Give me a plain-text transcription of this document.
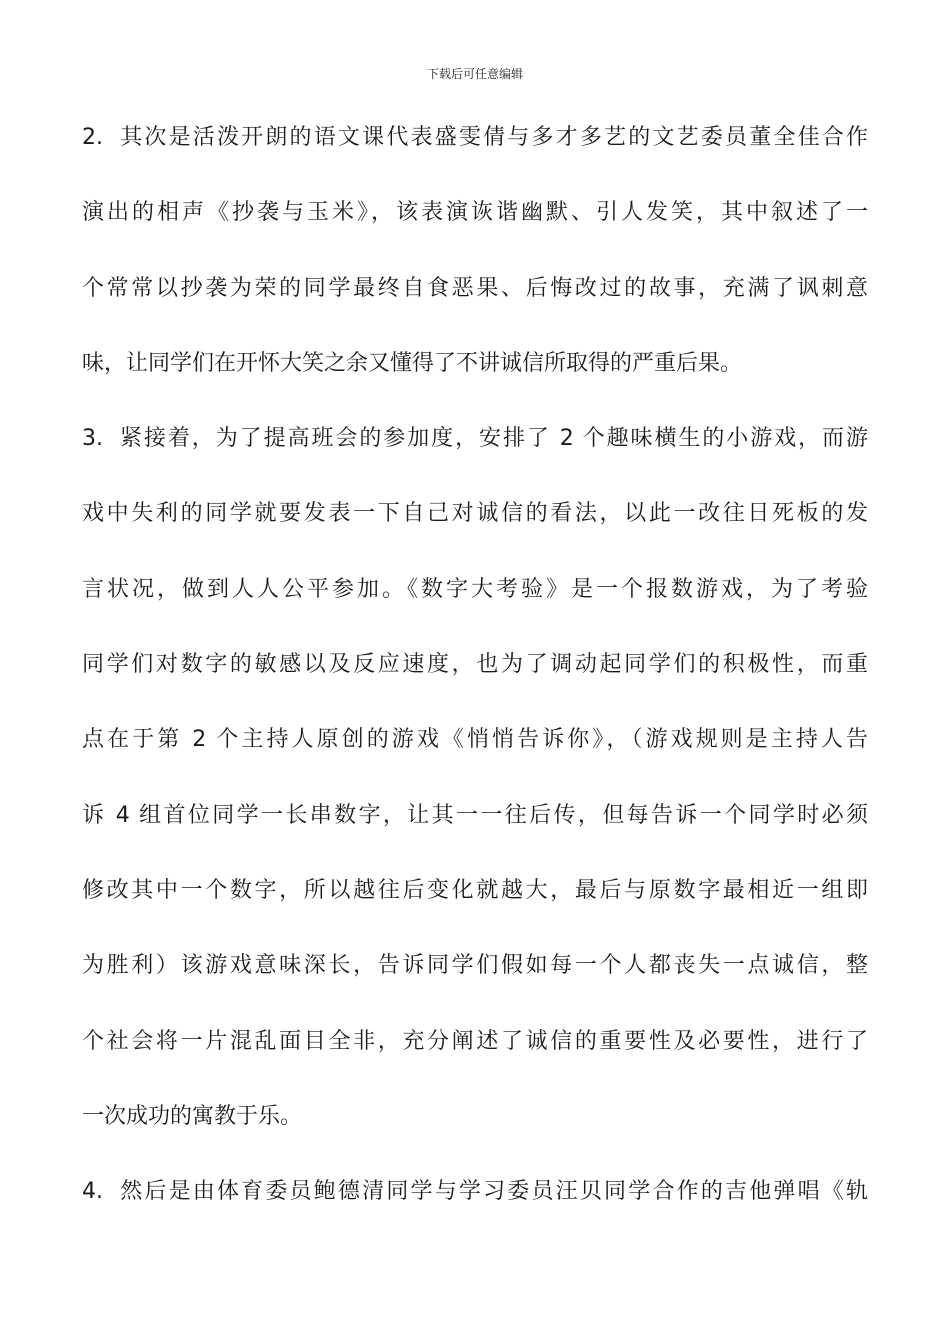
下载后可任意编辑
2. 其次是活泼开朗的语文课代表盛雯倩与多才多艺的文艺委员董全佳合作
演出的相声《抄袭与玉米》，该表演诙谐幽默、引人发笑，其中叙述了一
个常常以抄袭为荣的同学最终自食恶果、后悔改过的故事，充满了讽刺意
味，让同学们在开怀大笑之余又懂得了不讲诚信所取得的严重后果。
3. 紧接着，为了提高班会的参加度，安排了 2 个趣味横生的小游戏，而游
戏中失利的同学就要发表一下自己对诚信的看法，以此一改往日死板的发
言状况，做到人人公平参加。《数字大考验》是一个报数游戏，为了考验
同学们对数字的敏感以及反应速度，也为了调动起同学们的积极性，而重
点在于第 2 个主持人原创的游戏《悄悄告诉你》，（游戏规则是主持人告
诉 4 组首位同学一长串数字，让其一一往后传，但每告诉一个同学时必须
修改其中一个数字，所以越往后变化就越大，最后与原数字最相近一组即
为胜利）该游戏意味深长，告诉同学们假如每一个人都丧失一点诚信，整
个社会将一片混乱面目全非，充分阐述了诚信的重要性及必要性，进行了
一次成功的寓教于乐。
4. 然后是由体育委员鲍德清同学与学习委员汪贝同学合作的吉他弹唱《轨
